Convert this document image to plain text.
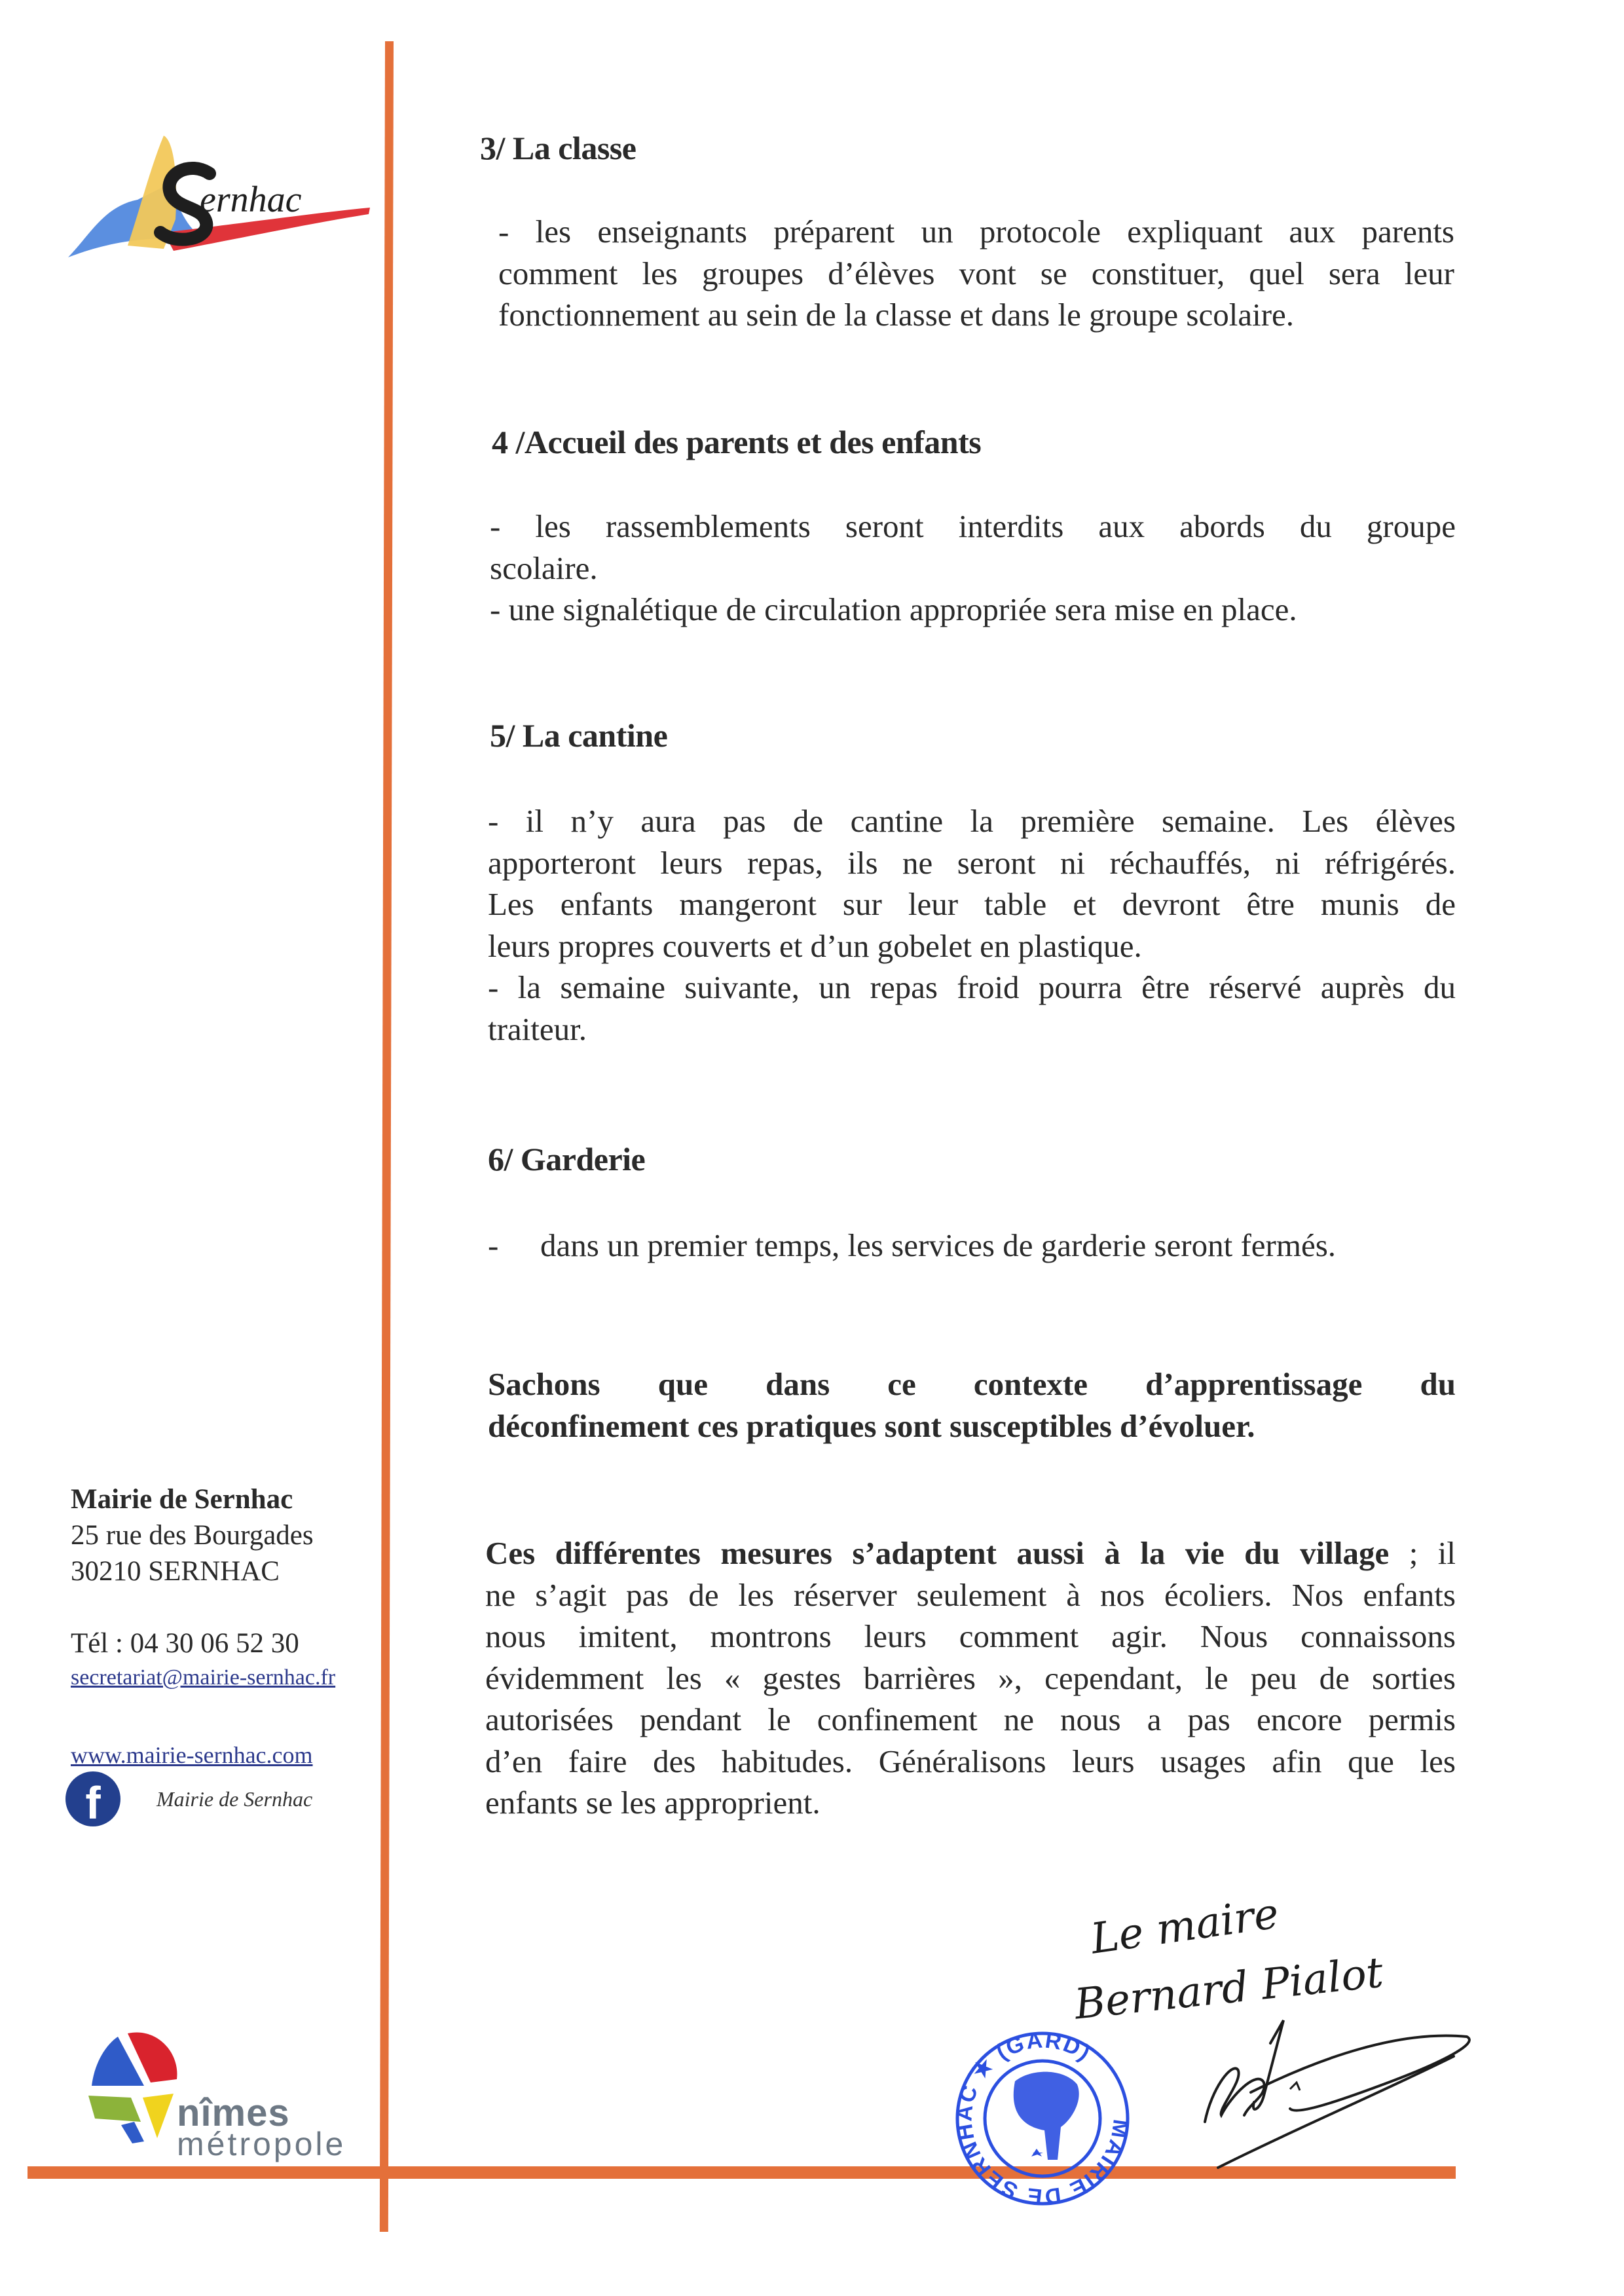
ernhac
3/ La classe
- les enseignants préparent un protocole expliquant aux parents
comment les groupes d’élèves vont se constituer, quel sera leur
fonctionnement au sein de la classe et dans le groupe scolaire.
4 /Accueil des parents et des enfants
- les rassemblements seront interdits aux abords du groupe
scolaire.
- une signalétique de circulation appropriée sera mise en place.
5/ La cantine
- il n’y aura pas de cantine la première semaine. Les élèves
apporteront leurs repas, ils ne seront ni réchauffés, ni réfrigérés.
Les enfants mangeront sur leur table et devront être munis de
leurs propres couverts et d’un gobelet en plastique.
- la semaine suivante, un repas froid pourra être réservé auprès du
traiteur.
6/ Garderie
- dans un premier temps, les services de garderie seront fermés.
Sachons que dans ce contexte d’apprentissage du
déconfinement ces pratiques sont susceptibles d’évoluer.
Ces différentes mesures s’adaptent aussi à la vie du village ; il
ne s’agit pas de les réserver seulement à nos écoliers. Nos enfants
nous imitent, montrons leurs comment agir. Nous connaissons
évidemment les « gestes barrières », cependant, le peu de sorties
autorisées pendant le confinement ne nous a pas encore permis
d’en faire des habitudes. Généralisons leurs usages afin que les
enfants se les approprient.
Mairie de Sernhac
25 rue des Bourgades
30210 SERNHAC
Tél : 04 30 06 52 30
secretariat@mairie-sernhac.fr
www.mairie-sernhac.com
f	Mairie de Sernhac
nîmes
métropole	MAIRIE DE SERNHAC ★ (GARD)
Le maire
Bernard Pialot
